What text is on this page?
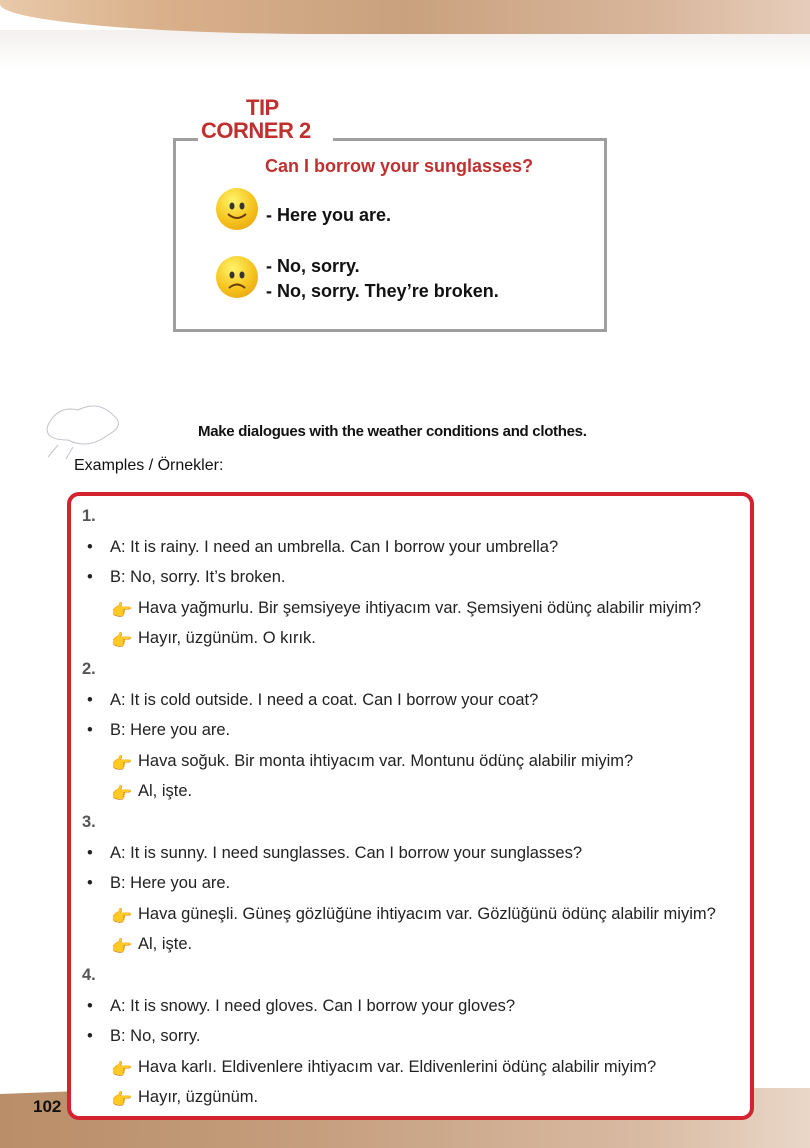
TIP
CORNER 2
Can I borrow your sunglasses?
- Here you are.
- No, sorry.
- No, sorry. They’re broken.
Make dialogues with the weather conditions and clothes.
Examples / Örnekler:
1.
• A: It is rainy. I need an umbrella. Can I borrow your umbrella?
• B: No, sorry. It’s broken.
👉 Hava yağmurlu. Bir şemsiyeye ihtiyacım var. Şemsiyeni ödünç alabilir miyim?
👉 Hayır, üzgünüm. O kırık.
2.
• A: It is cold outside. I need a coat. Can I borrow your coat?
• B: Here you are.
👉 Hava soğuk. Bir monta ihtiyacım var. Montunu ödünç alabilir miyim?
👉 Al, işte.
3.
• A: It is sunny. I need sunglasses. Can I borrow your sunglasses?
• B: Here you are.
👉 Hava güneşli. Güneş gözlüğüne ihtiyacım var. Gözlüğünü ödünç alabilir miyim?
👉 Al, işte.
4.
• A: It is snowy. I need gloves. Can I borrow your gloves?
• B: No, sorry.
👉 Hava karlı. Eldivenlere ihtiyacım var. Eldivenlerini ödünç alabilir miyim?
👉 Hayır, üzgünüm.
102
